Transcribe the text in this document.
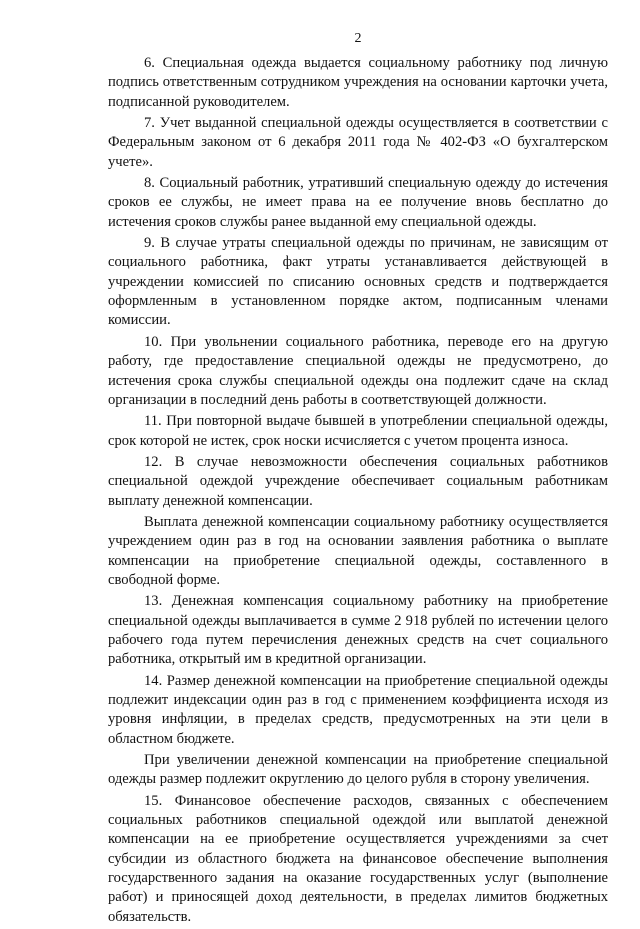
2

6. Специальная одежда выдается социальному работнику под личную подпись ответственным сотрудником учреждения на основании карточки учета, подписанной руководителем.

7. Учет выданной специальной одежды осуществляется в соответствии с Федеральным законом от 6 декабря 2011 года № 402-ФЗ «О бухгалтерском учете».

8. Социальный работник, утративший специальную одежду до истечения сроков ее службы, не имеет права на ее получение вновь бесплатно до истечения сроков службы ранее выданной ему специальной одежды.

9. В случае утраты специальной одежды по причинам, не зависящим от социального работника, факт утраты устанавливается действующей в учреждении комиссией по списанию основных средств и подтверждается оформленным в установленном порядке актом, подписанным членами комиссии.

10. При увольнении социального работника, переводе его на другую работу, где предоставление специальной одежды не предусмотрено, до истечения срока службы специальной одежды она подлежит сдаче на склад организации в последний день работы в соответствующей должности.

11. При повторной выдаче бывшей в употреблении специальной одежды, срок которой не истек, срок носки исчисляется с учетом процента износа.

12. В случае невозможности обеспечения социальных работников специальной одеждой учреждение обеспечивает социальным работникам выплату денежной компенсации.

Выплата денежной компенсации социальному работнику осуществляется учреждением один раз в год на основании заявления работника о выплате компенсации на приобретение специальной одежды, составленного в свободной форме.

13. Денежная компенсация социальному работнику на приобретение специальной одежды выплачивается в сумме 2 918 рублей по истечении целого рабочего года путем перечисления денежных средств на счет социального работника, открытый им в кредитной организации.

14. Размер денежной компенсации на приобретение специальной одежды подлежит индексации один раз в год с применением коэффициента исходя из уровня инфляции, в пределах средств, предусмотренных на эти цели в областном бюджете.

При увеличении денежной компенсации на приобретение специальной одежды размер подлежит округлению до целого рубля в сторону увеличения.

15. Финансовое обеспечение расходов, связанных с обеспечением социальных работников специальной одеждой или выплатой денежной компенсации на ее приобретение осуществляется учреждениями за счет субсидии из областного бюджета на финансовое обеспечение выполнения государственного задания на оказание государственных услуг (выполнение работ) и приносящей доход деятельности, в пределах лимитов бюджетных обязательств.
